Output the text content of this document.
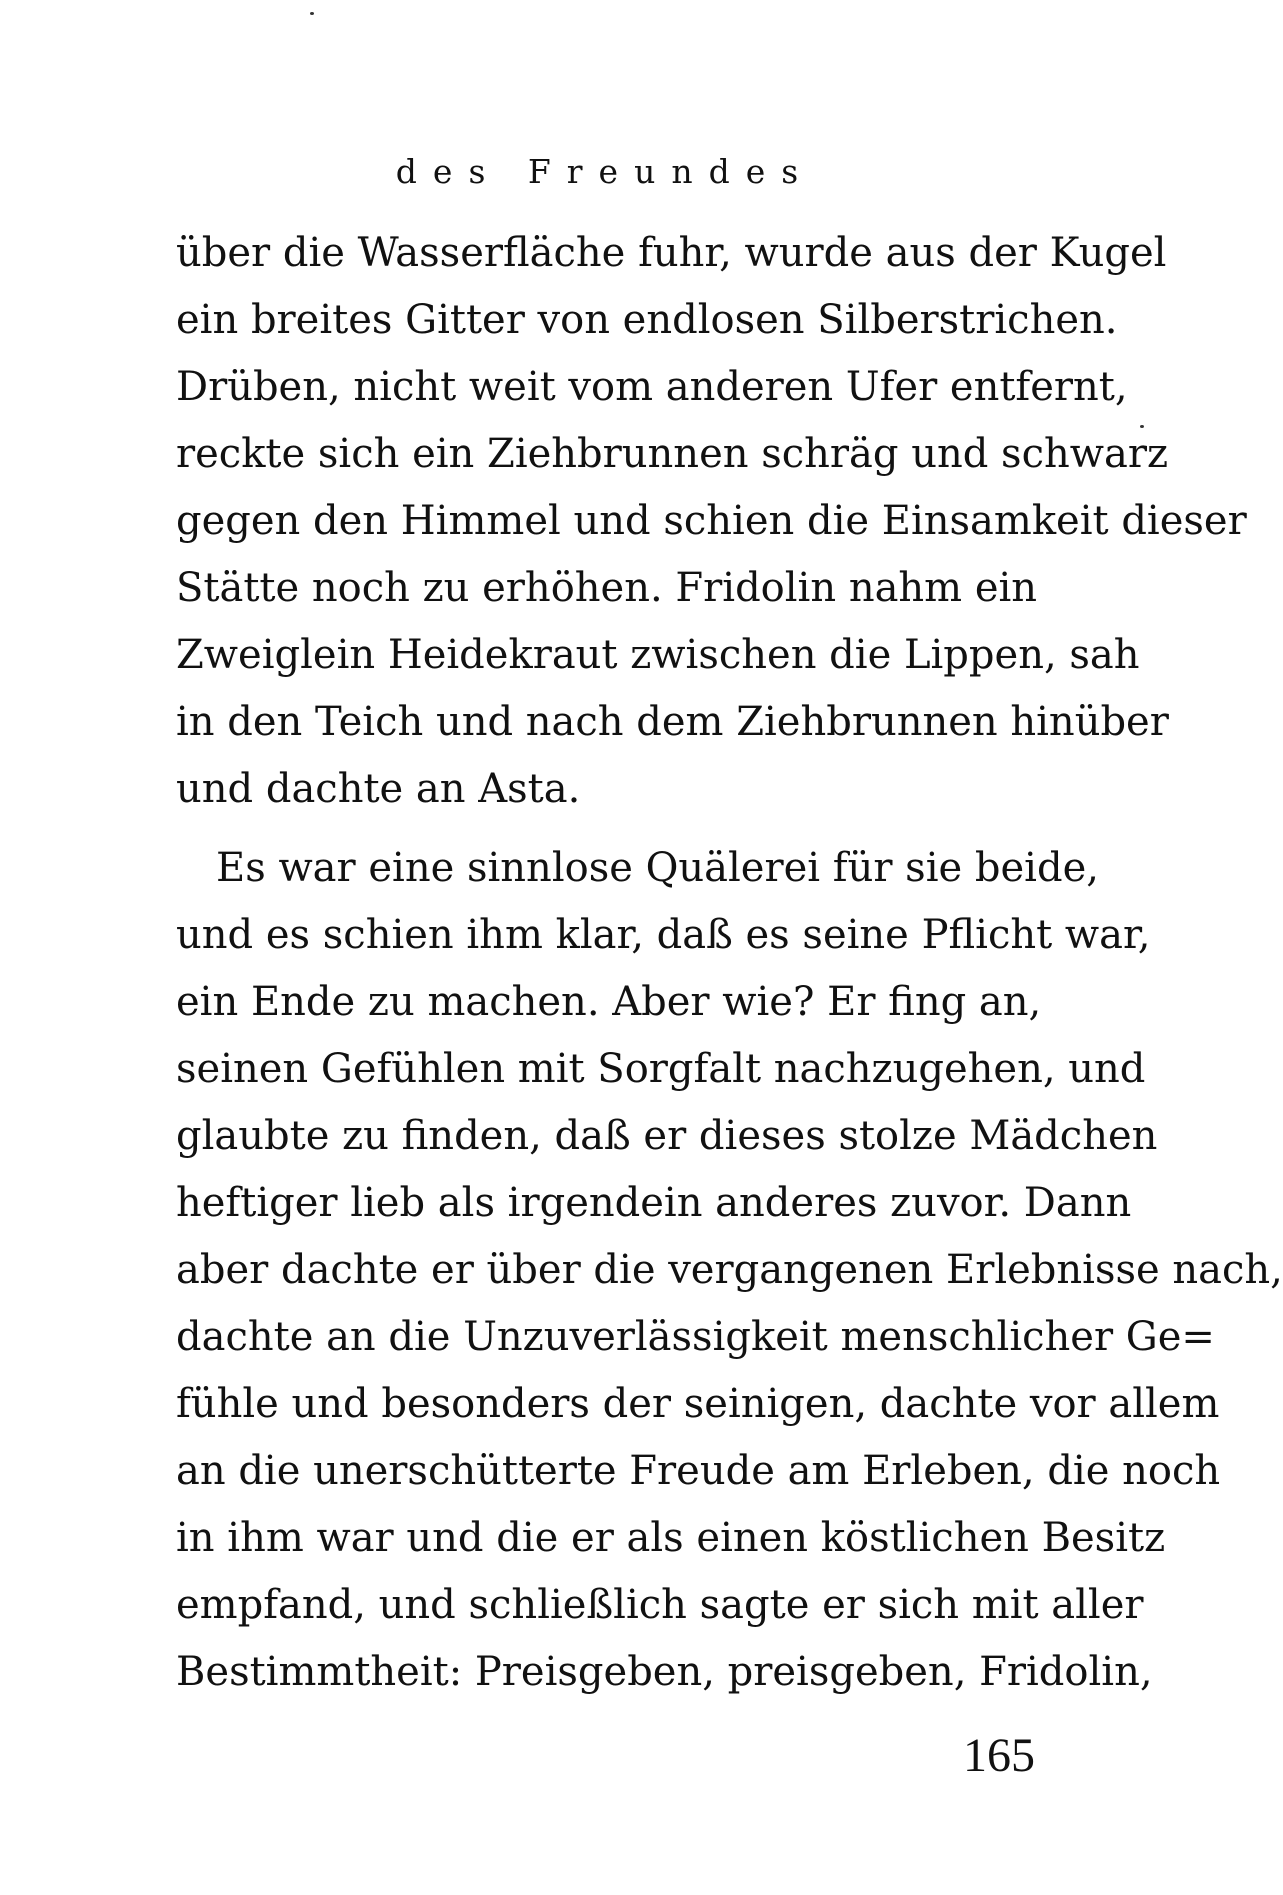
des Freundes
über die Wasserfläche fuhr, wurde aus der Kugel
ein breites Gitter von endlosen Silberstrichen.
Drüben, nicht weit vom anderen Ufer entfernt,
reckte sich ein Ziehbrunnen schräg und schwarz
gegen den Himmel und schien die Einsamkeit dieser
Stätte noch zu erhöhen. Fridolin nahm ein
Zweiglein Heidekraut zwischen die Lippen, sah
in den Teich und nach dem Ziehbrunnen hinüber
und dachte an Asta.
Es war eine sinnlose Quälerei für sie beide,
und es schien ihm klar, daß es seine Pflicht war,
ein Ende zu machen. Aber wie? Er fing an,
seinen Gefühlen mit Sorgfalt nachzugehen, und
glaubte zu finden, daß er dieses stolze Mädchen
heftiger lieb als irgendein anderes zuvor. Dann
aber dachte er über die vergangenen Erlebnisse nach,
dachte an die Unzuverlässigkeit menschlicher Ge=
fühle und besonders der seinigen, dachte vor allem
an die unerschütterte Freude am Erleben, die noch
in ihm war und die er als einen köstlichen Besitz
empfand, und schließlich sagte er sich mit aller
Bestimmtheit: Preisgeben, preisgeben, Fridolin,
165
